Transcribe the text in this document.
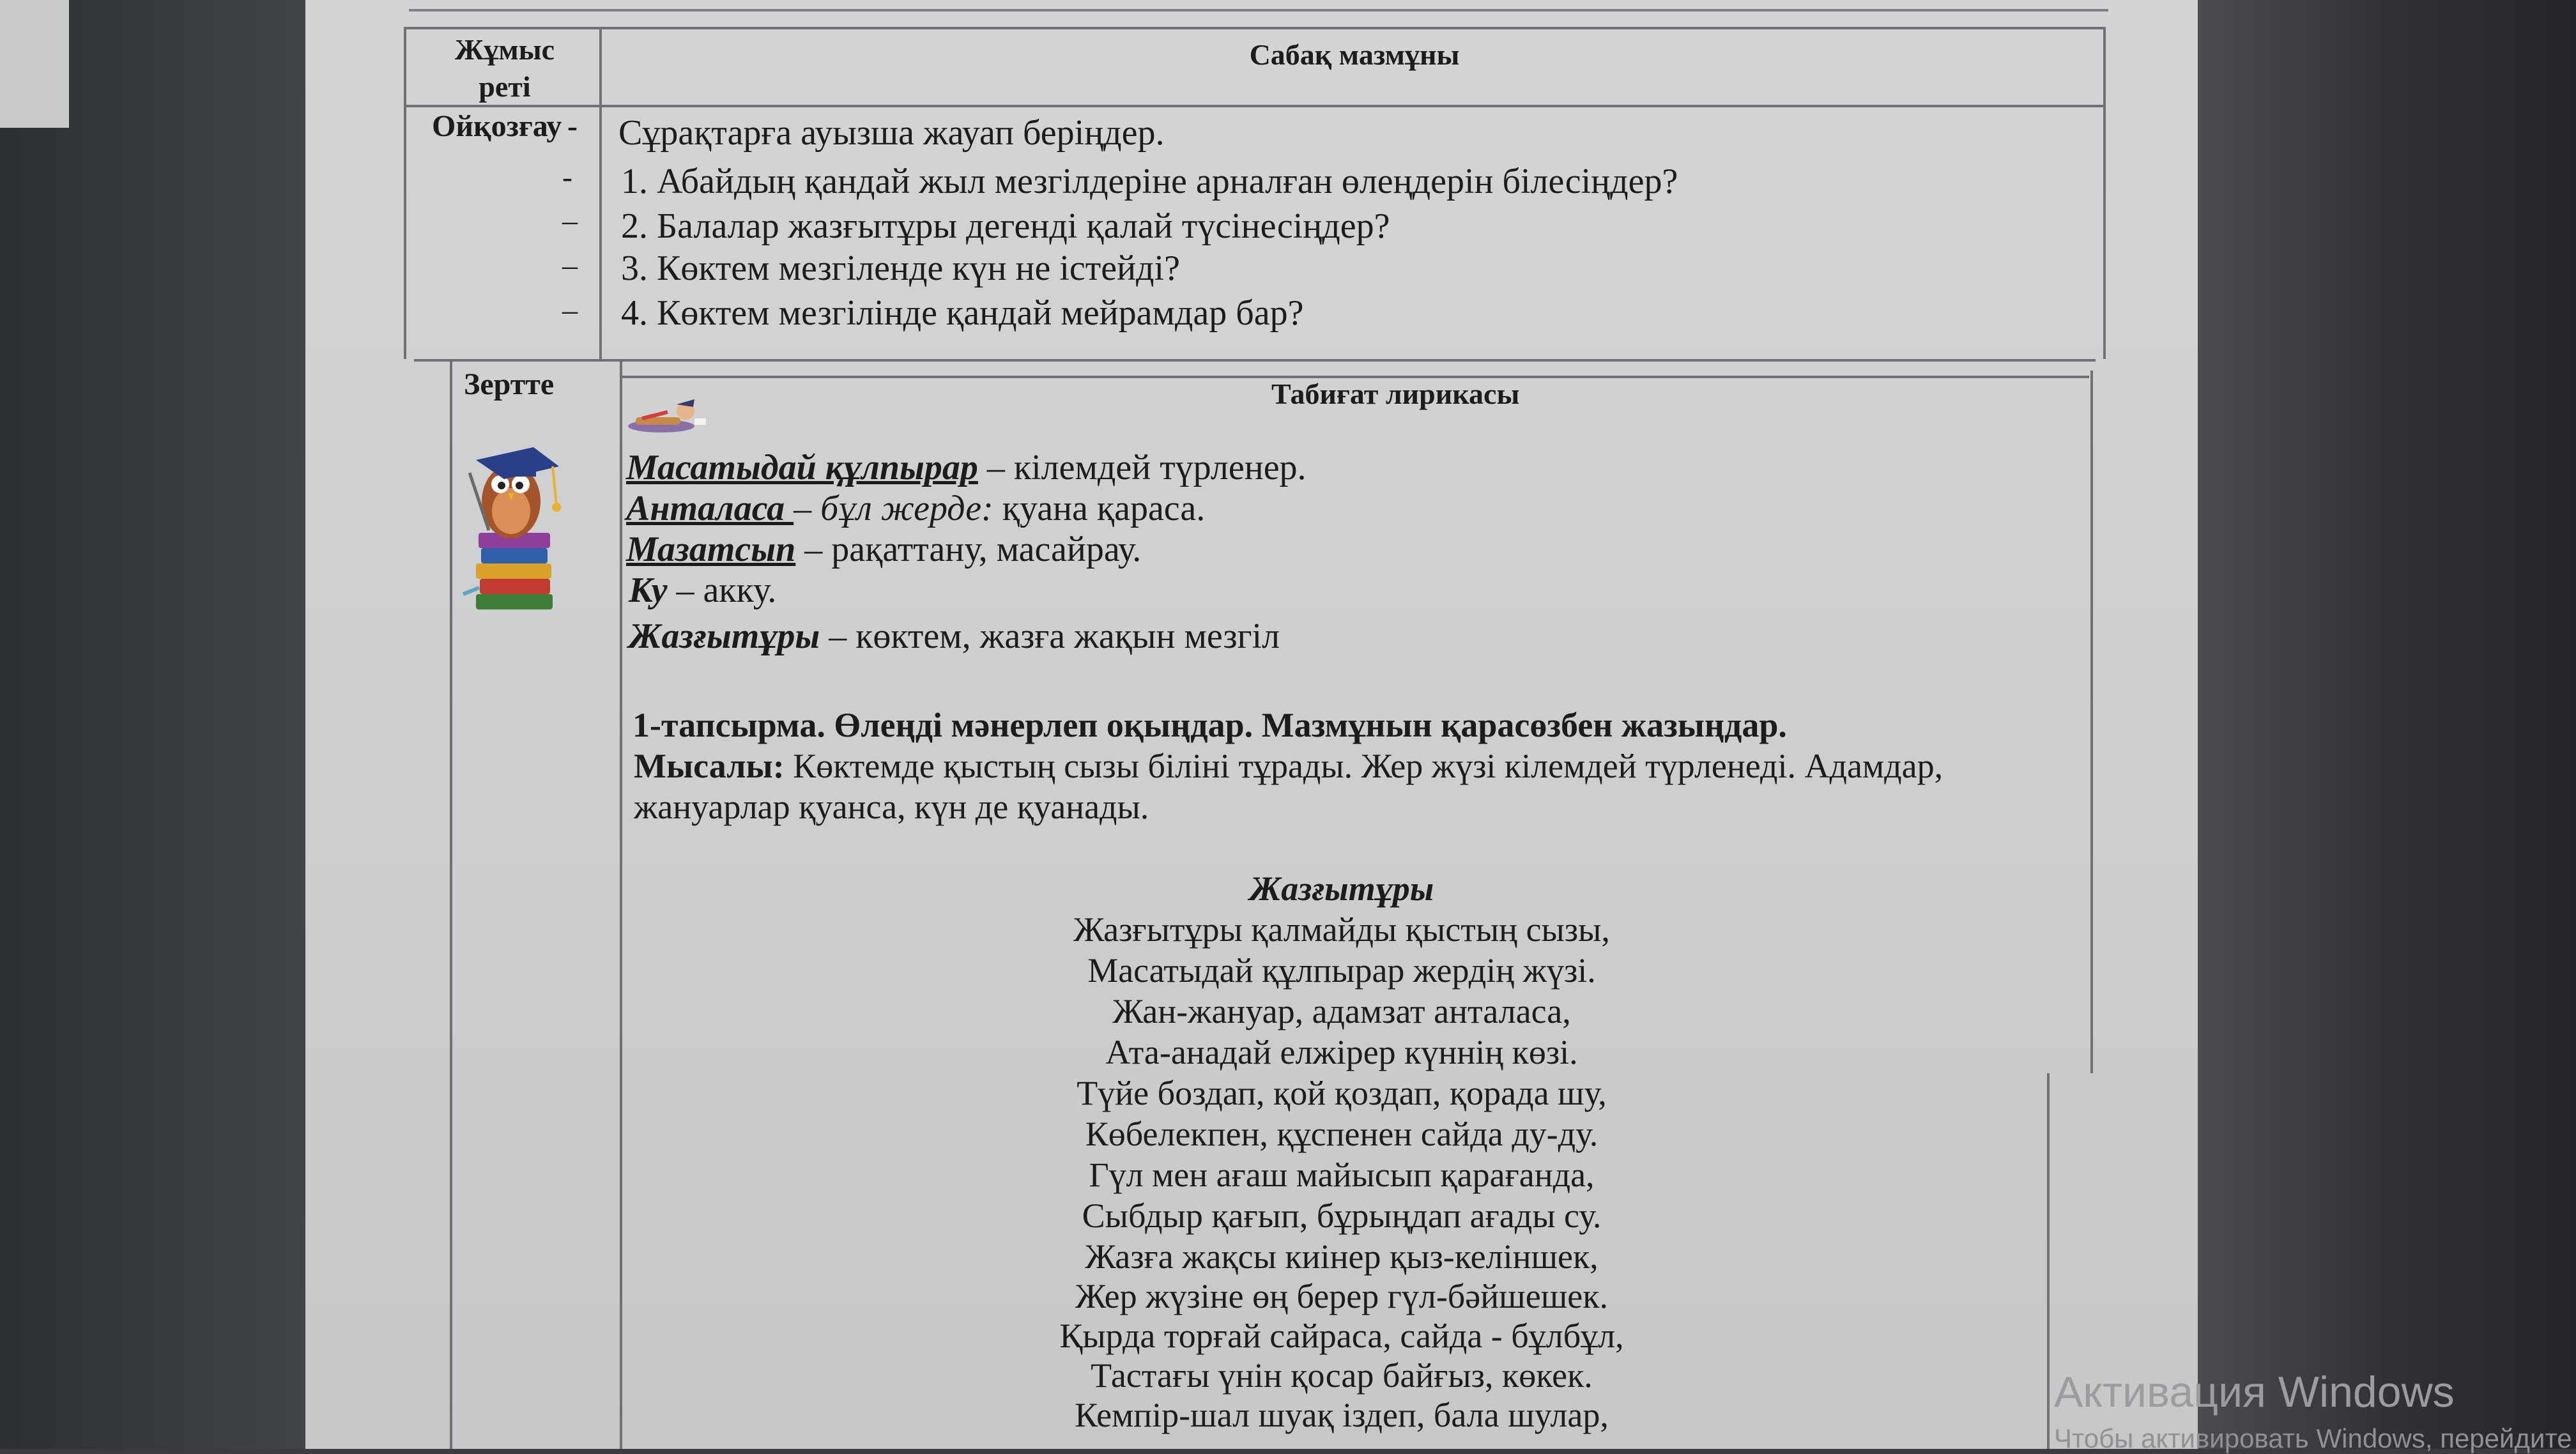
Жұмыс
реті
Сабақ мазмұны
Ойқозғау -
-
–
–
–
Сұрақтарға ауызша жауап беріңдер.
1. Абайдың қандай жыл мезгілдеріне арналған өлеңдерін білесіңдер?
2. Балалар жазғытұры дегенді қалай түсінесіңдер?
3. Көктем мезгіленде күн не істейді?
4. Көктем мезгілінде қандай мейрамдар бар?
Зертте	Табиғат лирикасы
Масатыдай құлпырар – кілемдей түрленер.
Анталаса – бұл жерде: қуана қараса.
Мазатсып – рақаттану, масайрау.
Ку – акку.
Жазғытұры – көктем, жазға жақын мезгіл
1-тапсырма. Өлеңді мәнерлеп оқыңдар. Мазмұнын қарасөзбен жазыңдар.
Мысалы: Көктемде қыстың сызы біліні тұрады. Жер жүзі кілемдей түрленеді. Адамдар,
жануарлар қуанса, күн де қуанады.
Жазғытұры
Жазғытұры қалмайды қыстың сызы,
Масатыдай құлпырар жердің жүзі.
Жан-жануар, адамзат анталаса,
Ата-анадай елжірер күннің көзі.
Түйе боздап, қой қоздап, қорада шу,
Көбелекпен, құспенен сайда ду-ду.
Гүл мен ағаш майысып қарағанда,
Сыбдыр қағып, бұрыңдап ағады су.
Жазға жақсы киінер қыз-келіншек,
Жер жүзіне өң берер гүл-бәйшешек.
Қырда торғай сайраса, сайда - бұлбұл,
Тастағы үнін қосар байғыз, көкек.
Кемпір-шал шуақ іздеп, бала шулар,	Активация Windows
Чтобы активировать Windows, перейдите
